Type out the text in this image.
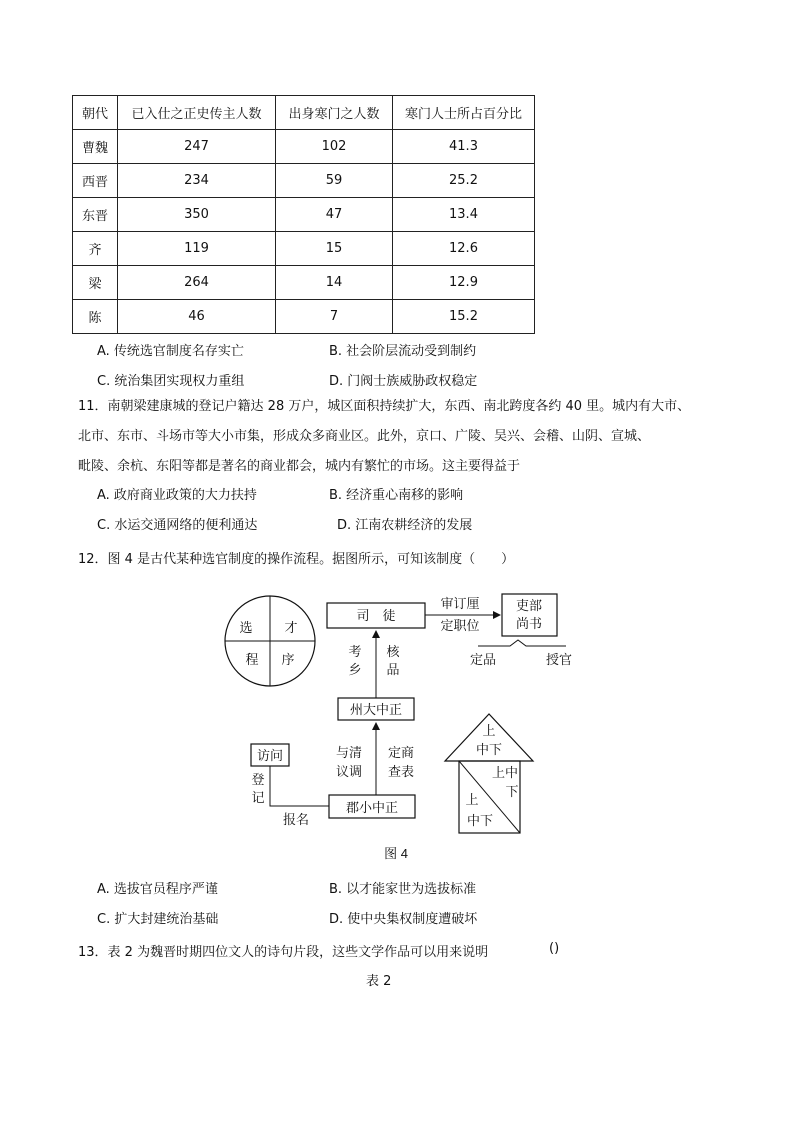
朝代	已入仕之正史传主人数	出身寒门之人数	寒门人士所占百分比
曹魏	247	102	41.3
西晋	234	59	25.2
东晋	350	47	13.4
齐	119	15	12.6
梁	264	14	12.9
陈	46	7	15.2
A. 传统选官制度名存实亡	B. 社会阶层流动受到制约
C. 统治集团实现权力重组	D. 门阀士族威胁政权稳定
11．南朝梁建康城的登记户籍达 28 万户，城区面积持续扩大，东西、南北跨度各约 40 里。城内有大市、
北市、东市、斗场市等大小市集，形成众多商业区。此外，京口、广陵、吴兴、会稽、山阴、宣城、
毗陵、余杭、东阳等都是著名的商业都会，城内有繁忙的市场。这主要得益于
A. 政府商业政策的大力扶持	B. 经济重心南移的影响
C. 水运交通网络的便利通达	D. 江南农耕经济的发展
12．图 4 是古代某种选官制度的操作流程。据图所示，可知该制度（　　）
选 才
程 序
司　徒
审订厘
定职位
吏部
尚书
定品	授官
考
乡
核
品
州大中正
与清
议调
定商
查表
郡小中正
访问
登
记
报名
上
中下
上中
下
上
中下
图 4
A. 选拔官员程序严谨	B. 以才能家世为选拔标准
C. 扩大封建统治基础	D. 使中央集权制度遭破坏
13．表 2 为魏晋时期四位文人的诗句片段，这些文学作品可以用来说明	()
表 2
